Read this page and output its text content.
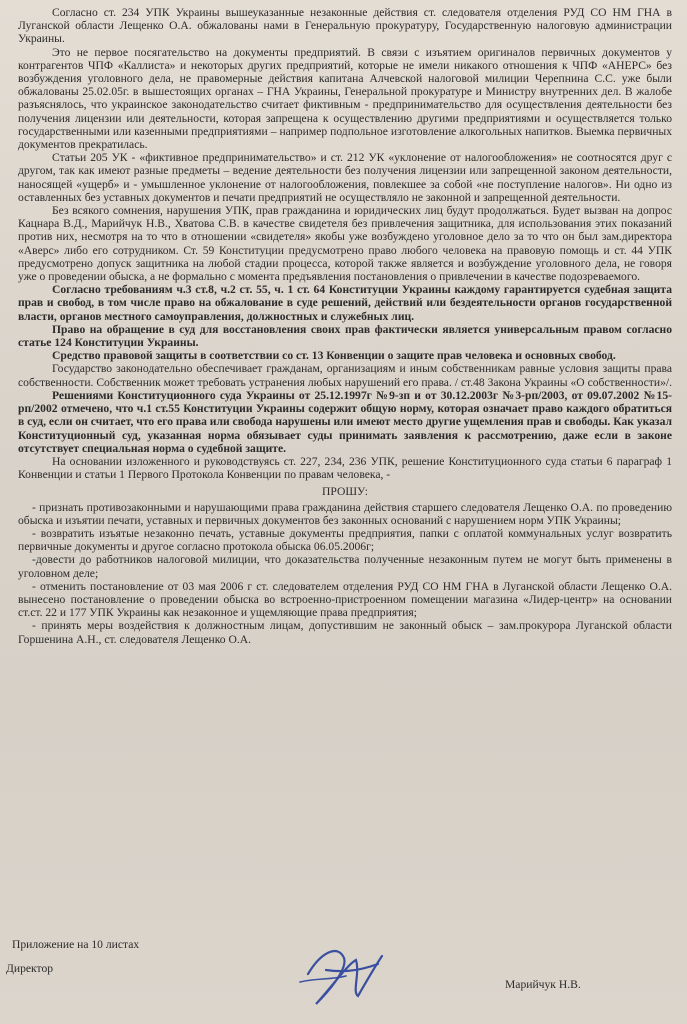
Согласно ст. 234 УПК Украины вышеуказанные незаконные действия ст. следователя отделения РУД СО НМ ГНА в Луганской области Лещенко О.А. обжалованы нами в Генеральную прокуратуру, Государственную налоговую администрации Украины.

Это не первое посягательство на документы предприятий. В связи с изъятием оригиналов первичных документов у контрагентов ЧПФ «Каллиста» и некоторых других предприятий, которые не имели никакого отношения к ЧПФ «АНЕРС» без возбуждения уголовного дела, не правомерные действия капитана Алчевской налоговой милиции Черепнина С.С. уже были обжалованы 25.02.05г. в вышестоящих органах – ГНА Украины, Генеральной прокуратуре и Министру внутренних дел. В жалобе разъяснялось, что украинское законодательство считает фиктивным - предпринимательство для осуществления деятельности без получения лицензии или деятельности, которая запрещена к осуществлению другими предприятиями и осуществляется только государственными или казенными предприятиями – например подпольное изготовление алкогольных напитков. Выемка первичных документов прекратилась.

Статьи 205 УК - «фиктивное предпринимательство» и ст. 212 УК «уклонение от налогообложения» не соотносятся друг с другом, так как имеют разные предметы – ведение деятельности без получения лицензии или запрещенной законом деятельности, наносящей «ущерб» и - умышленное уклонение от налогообложения, повлекшее за собой «не поступление налогов». Ни одно из оставленных без уставных документов и печати предприятий не осуществляло не законной и запрещенной деятельности.

Без всякого сомнения, нарушения УПК, прав гражданина и юридических лиц будут продолжаться. Будет вызван на допрос Кацнара В.Д., Марийчук Н.В., Хватова С.В. в качестве свидетеля без привлечения защитника, для использования этих показаний против них, несмотря на то что в отношении «свидетеля» якобы уже возбуждено уголовное дело за то что он был зам.директора «Аверс» либо его сотрудником. Ст. 59 Конституции предусмотрено право любого человека на правовую помощь и ст. 44 УПК предусмотрено допуск защитника на любой стадии процесса, которой также является и возбуждение уголовного дела, не говоря уже о проведении обыска, а не формально с момента предъявления постановления о привлечении в качестве подозреваемого.

Согласно требованиям ч.3 ст.8, ч.2 ст. 55, ч. 1 ст. 64 Конституции Украины каждому гарантируется судебная защита прав и свобод, в том числе право на обжалование в суде решений, действий или бездеятельности органов государственной власти, органов местного самоуправления, должностных и служебных лиц.

Право на обращение в суд для восстановления своих прав фактически является универсальным правом согласно статье 124 Конституции Украины.

Средство правовой защиты в соответствии со ст. 13 Конвенции о защите прав человека и основных свобод.

Государство законодательно обеспечивает гражданам, организациям и иным собственникам равные условия защиты права собственности. Собственник может требовать устранения любых нарушений его права. / ст.48 Закона Украины «О собственности»/.

Решениями Конституционного суда Украины от 25.12.1997г №9-зп и от 30.12.2003г №3-рп/2003, от 09.07.2002 №15-рп/2002 отмечено, что ч.1 ст.55 Конституции Украины содержит общую норму, которая означает право каждого обратиться в суд, если он считает, что его права или свобода нарушены или имеют место другие ущемления прав и свободы. Как указал Конституционный суд, указанная норма обязывает суды принимать заявления к рассмотрению, даже если в законе отсутствует специальная норма о судебной защите.

На основании изложенного и руководствуясь ст. 227, 234, 236 УПК, решение Конституционного суда статьи 6 параграф 1 Конвенции и статьи 1 Первого Протокола Конвенции по правам человека, -

ПРОШУ:

- признать противозаконными и нарушающими права гражданина действия старшего следователя Лещенко О.А. по проведению обыска и изъятии печати, уставных и первичных документов без законных оснований с нарушением норм УПК Украины;

- возвратить изъятые незаконно печать, уставные документы предприятия, папки с оплатой коммунальных услуг возвратить первичные документы и другое согласно протокола обыска 06.05.2006г;

-довести до работников налоговой милиции, что доказательства полученные незаконным путем не могут быть применены в уголовном деле;

- отменить постановление от 03 мая 2006 г ст. следователем отделения РУД СО НМ ГНА в Луганской области Лещенко О.А. вынесено постановление о проведении обыска во встроенно-пристроенном помещении магазина «Лидер-центр» на основании ст.ст. 22 и 177 УПК Украины как незаконное и ущемляющие права предприятия;

- принять меры воздействия к должностным лицам, допустившим не законный обыск – зам.прокурора Луганской области Горшенина А.Н., ст. следователя Лещенко О.А.

Приложение на 10 листах
Директор
Марийчук Н.В.
